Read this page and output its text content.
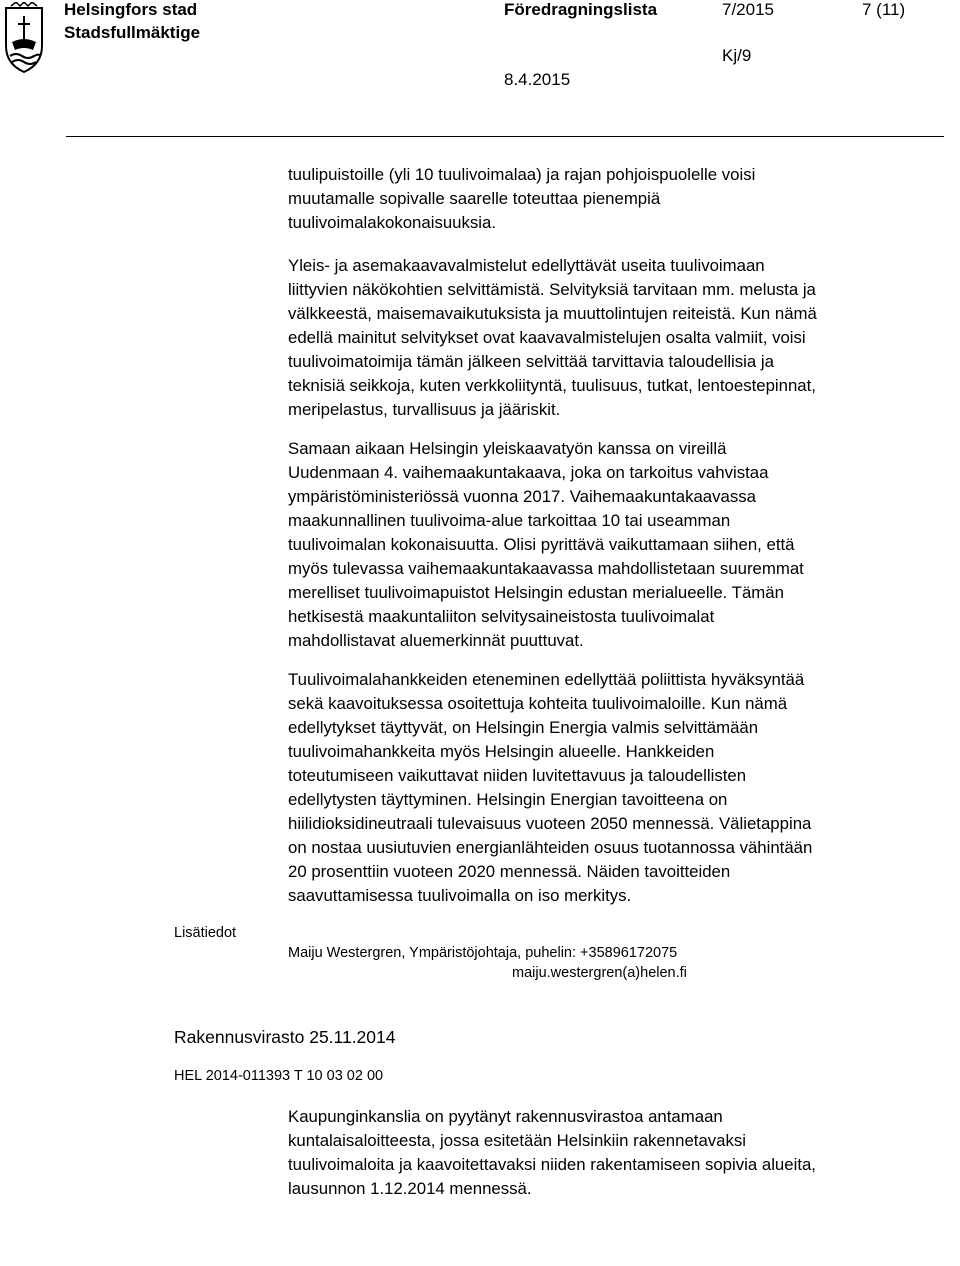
Helsingfors stad
Stadsfullmäktige
Föredragningslista	7/2015	7 (11)
Kj/9
8.4.2015

tuulipuistoille (yli 10 tuulivoimalaa) ja rajan pohjoispuolelle voisi

muutamalle sopivalle saarelle toteuttaa pienempiä

tuulivoimalakokonaisuuksia.

Yleis- ja asemakaavavalmistelut edellyttävät useita tuulivoimaan

liittyvien näkökohtien selvittämistä. Selvityksiä tarvitaan mm. melusta ja

välkkeestä, maisemavaikutuksista ja muuttolintujen reiteistä. Kun nämä

edellä mainitut selvitykset ovat kaavavalmistelujen osalta valmiit, voisi

tuulivoimatoimija tämän jälkeen selvittää tarvittavia taloudellisia ja

teknisiä seikkoja, kuten verkkoliityntä, tuulisuus, tutkat, lentoestepinnat,

meripelastus, turvallisuus ja jääriskit.

Samaan aikaan Helsingin yleiskaavatyön kanssa on vireillä

Uudenmaan 4. vaihemaakuntakaava, joka on tarkoitus vahvistaa

ympäristöministeriössä vuonna 2017. Vaihemaakuntakaavassa

maakunnallinen tuulivoima-alue tarkoittaa 10 tai useamman

tuulivoimalan kokonaisuutta. Olisi pyrittävä vaikuttamaan siihen, että

myös tulevassa vaihemaakuntakaavassa mahdollistetaan suuremmat

merelliset tuulivoimapuistot Helsingin edustan merialueelle. Tämän

hetkisestä maakuntaliiton selvitysaineistosta tuulivoimalat

mahdollistavat aluemerkinnät puuttuvat.

Tuulivoimalahankkeiden eteneminen edellyttää poliittista hyväksyntää

sekä kaavoituksessa osoitettuja kohteita tuulivoimaloille. Kun nämä

edellytykset täyttyvät, on Helsingin Energia valmis selvittämään

tuulivoimahankkeita myös Helsingin alueelle. Hankkeiden

toteutumiseen vaikuttavat niiden luvitettavuus ja taloudellisten

edellytysten täyttyminen. Helsingin Energian tavoitteena on

hiilidioksidineutraali tulevaisuus vuoteen 2050 mennessä. Välietappina

on nostaa uusiutuvien energianlähteiden osuus tuotannossa vähintään

20 prosenttiin vuoteen 2020 mennessä. Näiden tavoitteiden

saavuttamisessa tuulivoimalla on iso merkitys.

Lisätiedot
Maiju Westergren, Ympäristöjohtaja, puhelin: +35896172075
maiju.westergren(a)helen.fi
Rakennusvirasto 25.11.2014
HEL 2014-011393 T 10 03 02 00

Kaupunginkanslia on pyytänyt rakennusvirastoa antamaan

kuntalaisaloitteesta, jossa esitetään Helsinkiin rakennetavaksi

tuulivoimaloita ja kaavoitettavaksi niiden rakentamiseen sopivia alueita,

lausunnon 1.12.2014 mennessä.
